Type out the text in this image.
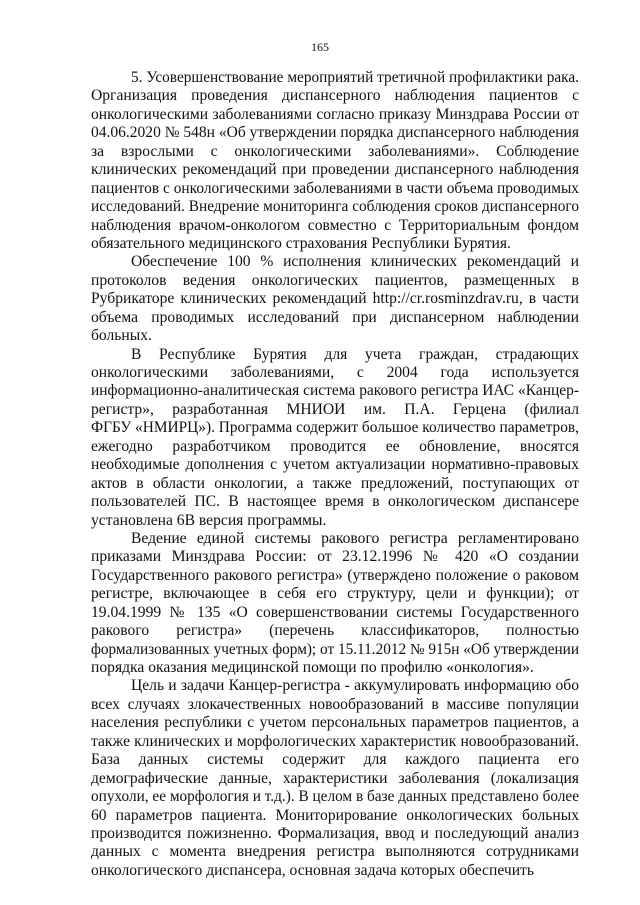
165
5. Усовершенствование мероприятий третичной профилактики рака.
Организация проведения диспансерного наблюдения пациентов с
онкологическими заболеваниями согласно приказу Минздрава России от
04.06.2020 № 548н «Об утверждении порядка диспансерного наблюдения
за взрослыми с онкологическими заболеваниями». Соблюдение
клинических рекомендаций при проведении диспансерного наблюдения
пациентов с онкологическими заболеваниями в части объема проводимых
исследований. Внедрение мониторинга соблюдения сроков диспансерного
наблюдения врачом-онкологом совместно с Территориальным фондом
обязательного медицинского страхования Республики Бурятия.
Обеспечение 100 % исполнения клинических рекомендаций и
протоколов ведения онкологических пациентов, размещенных в
Рубрикаторе клинических рекомендаций http://cr.rosminzdrav.ru, в части
объема проводимых исследований при диспансерном наблюдении
больных.
В Республике Бурятия для учета граждан, страдающих
онкологическими заболеваниями, с 2004 года используется
информационно-аналитическая система ракового регистра ИАС «Канцер-
регистр», разработанная МНИОИ им. П.А. Герцена (филиал
ФГБУ «НМИРЦ»). Программа содержит большое количество параметров,
ежегодно разработчиком проводится ее обновление, вносятся
необходимые дополнения с учетом актуализации нормативно-правовых
актов в области онкологии, а также предложений, поступающих от
пользователей ПС. В настоящее время в онкологическом диспансере
установлена 6В версия программы.
Ведение единой системы ракового регистра регламентировано
приказами Минздрава России: от 23.12.1996 № 420 «О создании
Государственного ракового регистра» (утверждено положение о раковом
регистре, включающее в себя его структуру, цели и функции); от
19.04.1999 № 135 «О совершенствовании системы Государственного
ракового регистра» (перечень классификаторов, полностью
формализованных учетных форм); от 15.11.2012 № 915н «Об утверждении
порядка оказания медицинской помощи по профилю «онкология».
Цель и задачи Канцер-регистра - аккумулировать информацию обо
всех случаях злокачественных новообразований в массиве популяции
населения республики с учетом персональных параметров пациентов, а
также клинических и морфологических характеристик новообразований.
База данных системы содержит для каждого пациента его
демографические данные, характеристики заболевания (локализация
опухоли, ее морфология и т.д.). В целом в базе данных представлено более
60 параметров пациента. Мониторирование онкологических больных
производится пожизненно. Формализация, ввод и последующий анализ
данных с момента внедрения регистра выполняются сотрудниками
онкологического диспансера, основная задача которых обеспечить
